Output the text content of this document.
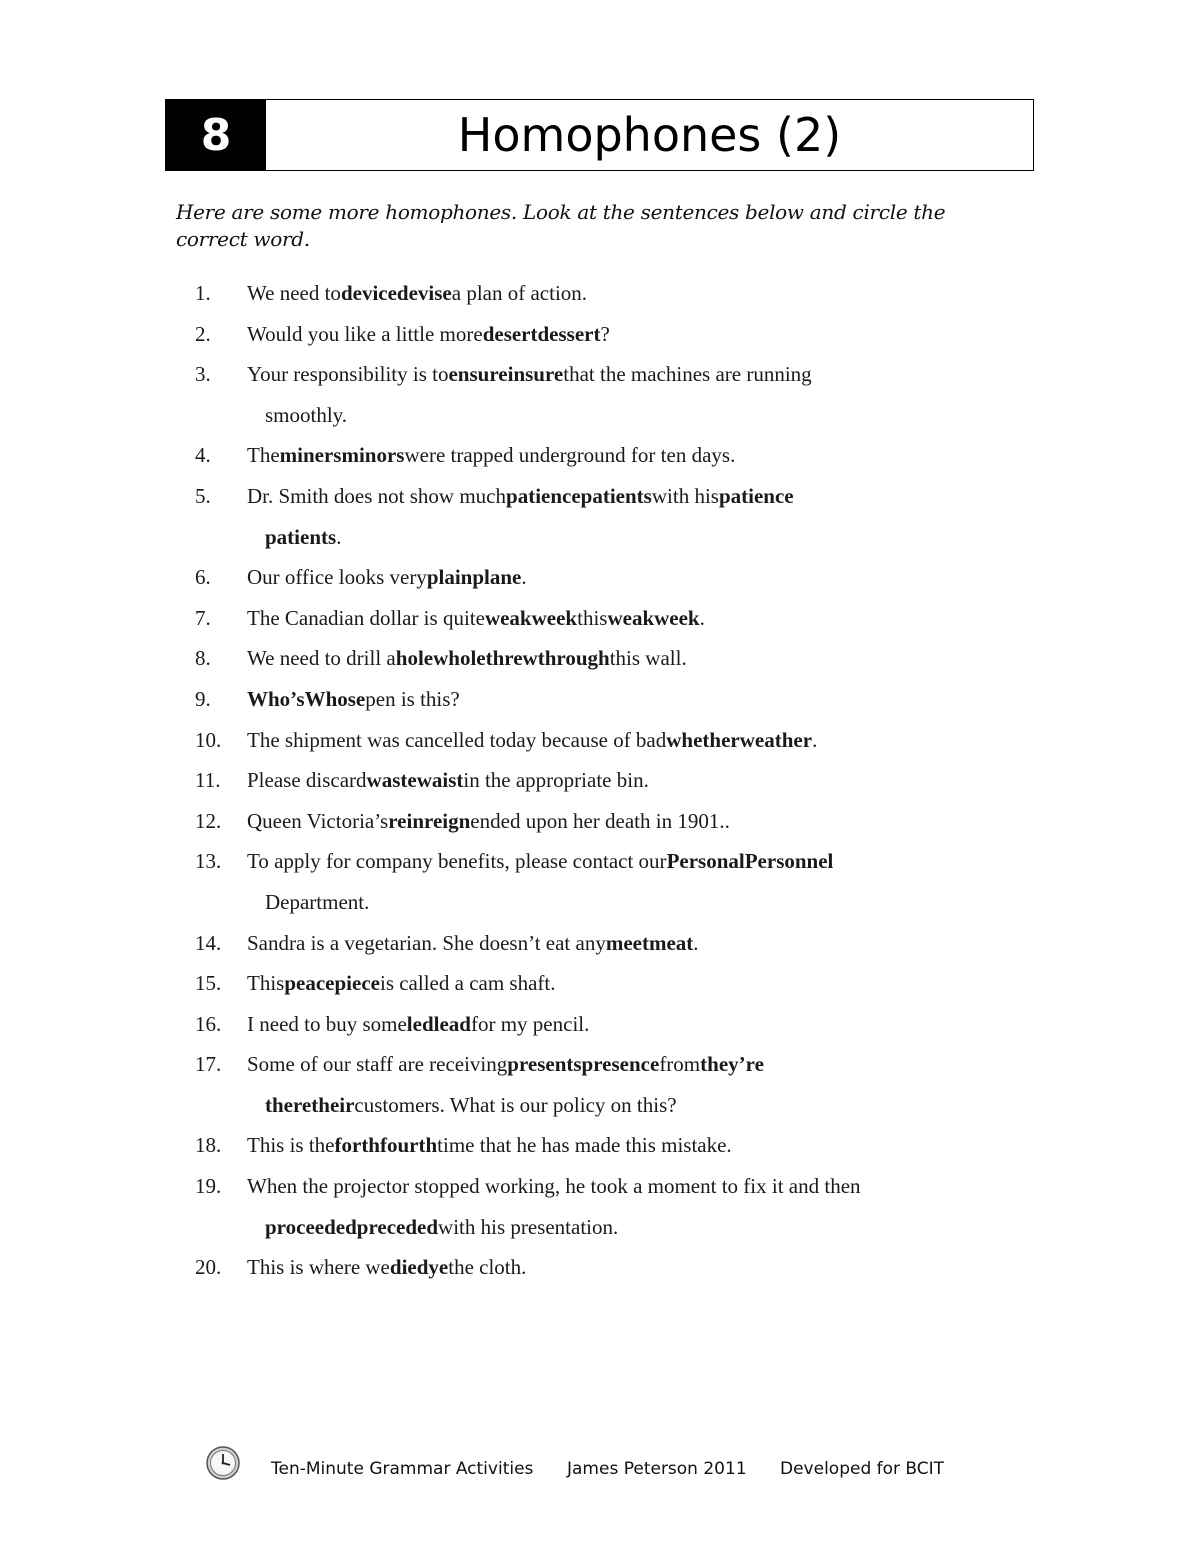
8	Homophones (2)
Here are some more homophones. Look at the sentences below and circle the correct word.
1.	We need todevicedevisea plan of action.
2.	Would you like a little moredesertdessert?
3.	Your responsibility is toensureinsurethat the machines are running
smoothly.
4.	Theminersminorswere trapped underground for ten days.
5.	Dr. Smith does not show muchpatiencepatientswith hispatience
patients.
6.	Our office looks veryplainplane.
7.	The Canadian dollar is quiteweakweekthisweakweek.
8.	We need to drill aholewholethrewthroughthis wall.
9.	Who’sWhosepen is this?
10.	The shipment was cancelled today because of badwhetherweather.
11.	Please discardwastewaistin the appropriate bin.
12.	Queen Victoria’sreinreignended upon her death in 1901..
13.	To apply for company benefits, please contact ourPersonalPersonnel
Department.
14.	Sandra is a vegetarian. She doesn’t eat anymeetmeat.
15.	Thispeacepieceis called a cam shaft.
16.	I need to buy someledleadfor my pencil.
17.	Some of our staff are receivingpresentspresencefromthey’re
theretheircustomers. What is our policy on this?
18.	This is theforthfourthtime that he has made this mistake.
19.	When the projector stopped working, he took a moment to fix it and then
proceededprecededwith his presentation.
20.	This is where wediedyethe cloth.
Ten-Minute Grammar Activities James Peterson 2011 Developed for BCIT
